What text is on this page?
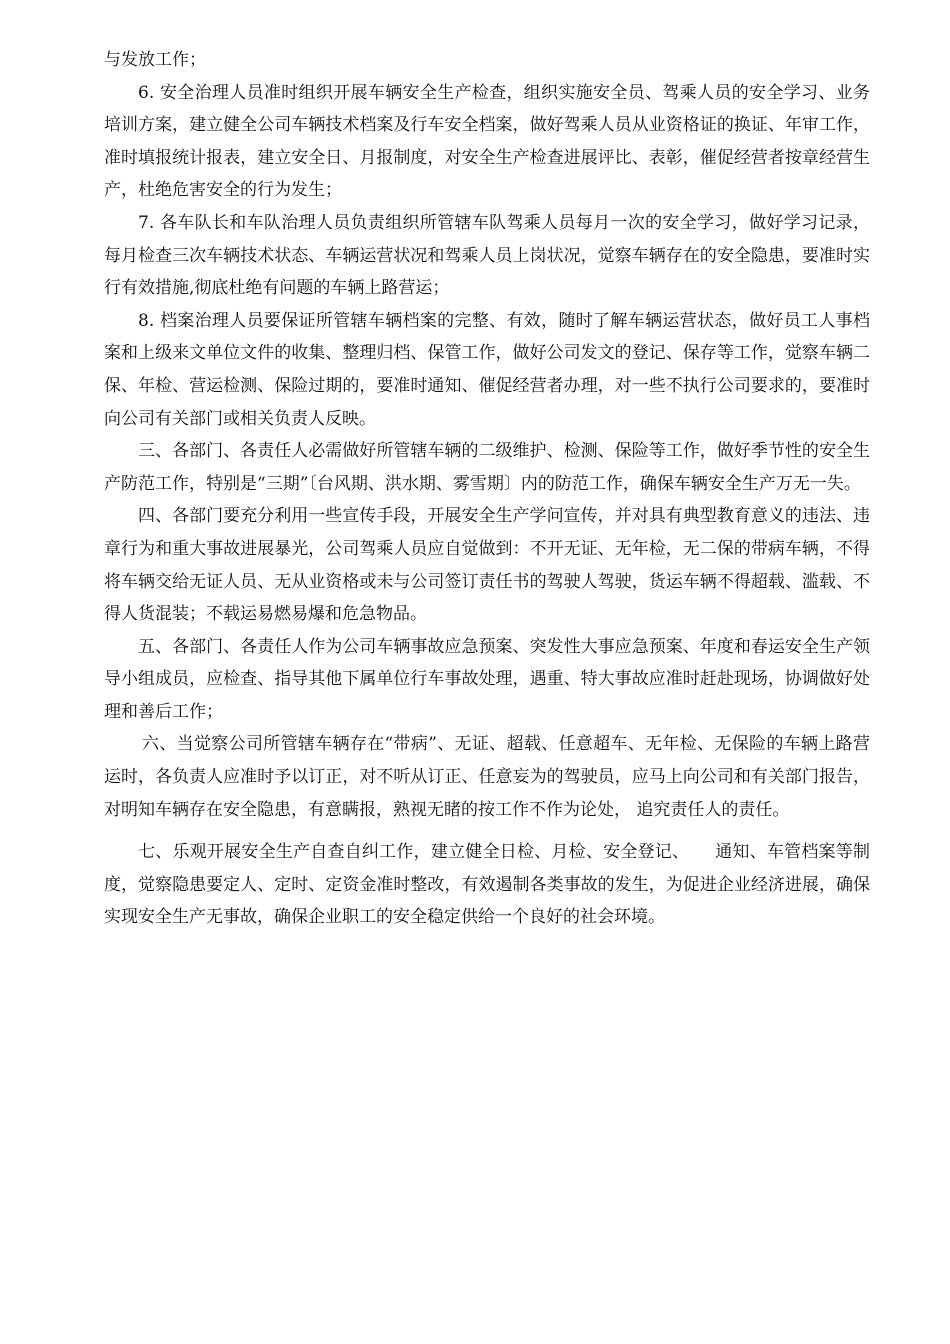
与发放工作；

6. 安全治理人员准时组织开展车辆安全生产检查，组织实施安全员、驾乘人员的安全学习、业务培训方案，建立健全公司车辆技术档案及行车安全档案，做好驾乘人员从业资格证的换证、年审工作，准时填报统计报表，建立安全日、月报制度，对安全生产检查进展评比、表彰，催促经营者按章经营生产，杜绝危害安全的行为发生；

7. 各车队长和车队治理人员负责组织所管辖车队驾乘人员每月一次的安全学习，做好学习记录，每月检查三次车辆技术状态、车辆运营状况和驾乘人员上岗状况，觉察车辆存在的安全隐患，要准时实行有效措施,彻底杜绝有问题的车辆上路营运；

8. 档案治理人员要保证所管辖车辆档案的完整、有效，随时了解车辆运营状态，做好员工人事档案和上级来文单位文件的收集、整理归档、保管工作，做好公司发文的登记、保存等工作，觉察车辆二保、年检、营运检测、保险过期的，要准时通知、催促经营者办理，对一些不执行公司要求的，要准时向公司有关部门或相关负责人反映。

三、各部门、各责任人必需做好所管辖车辆的二级维护、检测、保险等工作，做好季节性的安全生产防范工作，特别是“三期”〔台风期、洪水期、雾雪期〕内的防范工作，确保车辆安全生产万无一失。

四、各部门要充分利用一些宣传手段，开展安全生产学问宣传，并对具有典型教育意义的违法、违章行为和重大事故进展暴光，公司驾乘人员应自觉做到：不开无证、无年检，无二保的带病车辆，不得将车辆交给无证人员、无从业资格或未与公司签订责任书的驾驶人驾驶，货运车辆不得超载、滥载、不得人货混装；不载运易燃易爆和危急物品。

五、各部门、各责任人作为公司车辆事故应急预案、突发性大事应急预案、年度和春运安全生产领导小组成员，应检查、指导其他下属单位行车事故处理，遇重、特大事故应准时赶赴现场，协调做好处理和善后工作；

六、当觉察公司所管辖车辆存在“带病”、无证、超载、任意超车、无年检、无保险的车辆上路营运时，各负责人应准时予以订正，对不听从订正、任意妄为的驾驶员，应马上向公司和有关部门报告，对明知车辆存在安全隐患，有意瞒报，熟视无睹的按工作不作为论处， 追究责任人的责任。

七、乐观开展安全生产自查自纠工作，建立健全日检、月检、安全登记、　　通知、车管档案等制度，觉察隐患要定人、定时、定资金准时整改，有效遏制各类事故的发生，为促进企业经济进展，确保实现安全生产无事故，确保企业职工的安全稳定供给一个良好的社会环境。
